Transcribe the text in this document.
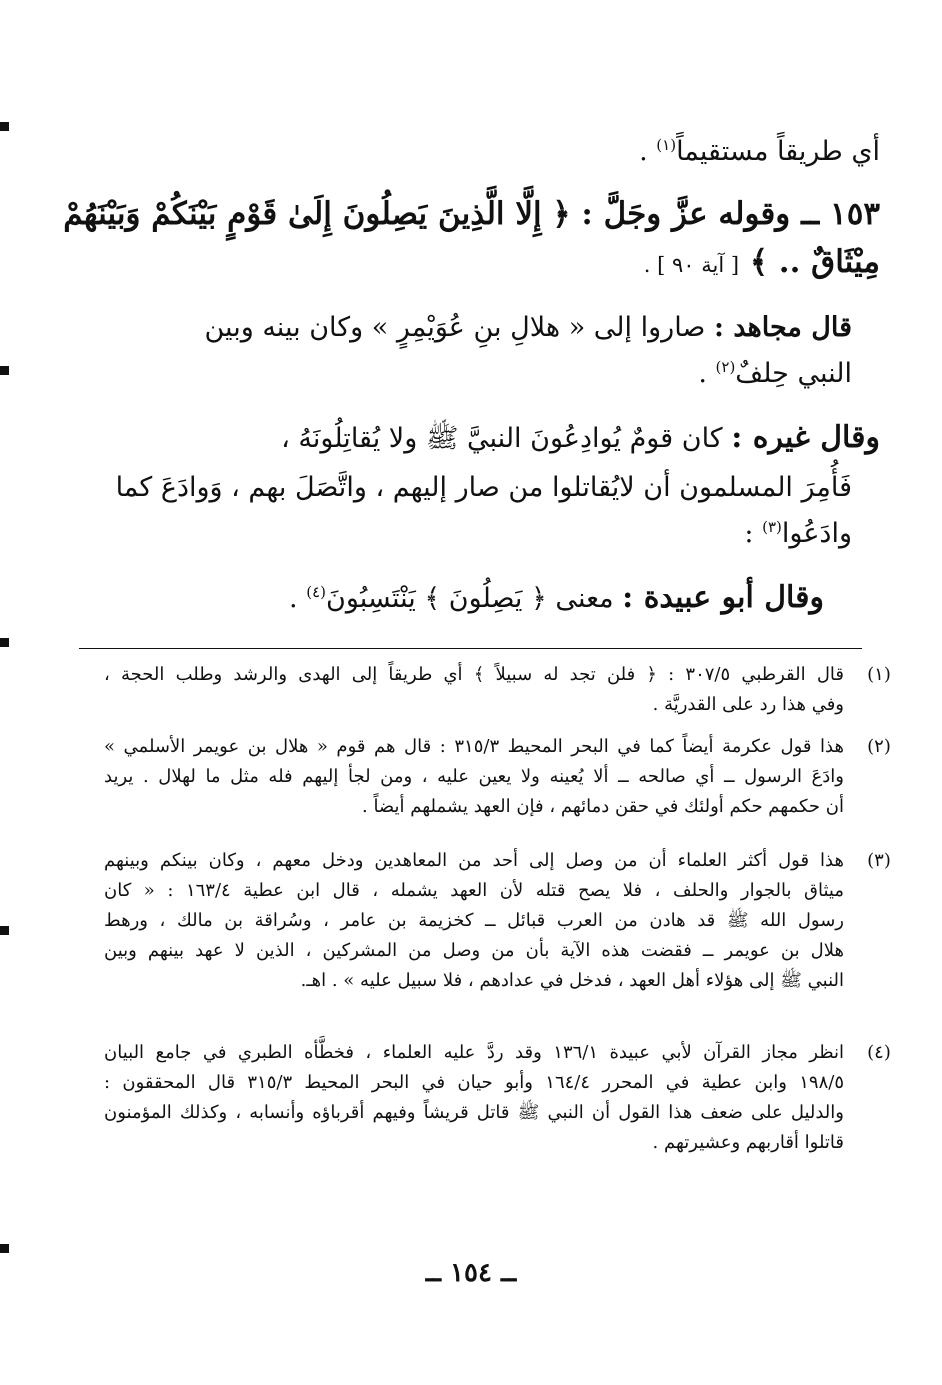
أي طريقاً مستقيماً$^{(١)}$ .
١٥٣ ــ وقوله عزَّ وجَلَّ : ﴿ إِلَّا الَّذِينَ يَصِلُونَ إِلَىٰ قَوْمٍ بَيْنَكُمْ وَبَيْنَهُمْ
مِيْثَاقٌ .. ﴾ [ آية ٩٠ ] .
قال مجاهد : صاروا إلى « هلالِ بنِ عُوَيْمِرٍ » وكان بينه وبين
النبي حِلفٌ$^{(٢)}$ .
وقال غيره : كان قومٌ يُوادِعُونَ النبيَّ ﷺ ولا يُقاتِلُونَهُ ،
فَأُمِرَ المسلمون أن لايُقاتلوا من صار إليهم ، واتَّصَلَ بهم ، وَوادَعَ كما
وادَعُوا$^{(٣)}$ :
وقال أبو عبيدة : معنى ﴿ يَصِلُونَ ﴾ يَنْتَسِبُونَ$^{(٤)}$ .
(١)
قال القرطبي ٣٠٧/٥ : ﴿ فلن تجد له سبيلاً ﴾ أي طريقاً إلى الهدى والرشد وطلب الحجة ،
وفي هذا رد على القدريَّة .
(٢)
هذا قول عكرمة أيضاً كما في البحر المحيط ٣١٥/٣ : قال هم قوم « هلال بن عويمر الأسلمي »
وادَعَ الرسول ــ أي صالحه ــ ألا يُعينه ولا يعين عليه ، ومن لجأ إليهم فله مثل ما لهلال . يريد
أن حكمهم حكم أولئك في حقن دمائهم ، فإن العهد يشملهم أيضاً .
(٣)
هذا قول أكثر العلماء أن من وصل إلى أحد من المعاهدين ودخل معهم ، وكان بينكم وبينهم
ميثاق بالجوار والحلف ، فلا يصح قتله لأن العهد يشمله ، قال ابن عطية ١٦٣/٤ : « كان
رسول الله ﷺ قد هادن من العرب قبائل ــ كخزيمة بن عامر ، وسُراقة بن مالك ، ورهط
هلال بن عويمر ــ فقضت هذه الآية بأن من وصل من المشركين ، الذين لا عهد بينهم وبين
النبي ﷺ إلى هؤلاء أهل العهد ، فدخل في عدادهم ، فلا سبيل عليه » . اهـ.
(٤)
انظر مجاز القرآن لأبي عبيدة ١٣٦/١ وقد ردَّ عليه العلماء ، فخطَّأه الطبري في جامع البيان
١٩٨/٥ وابن عطية في المحرر ١٦٤/٤ وأبو حيان في البحر المحيط ٣١٥/٣ قال المحققون :
والدليل على ضعف هذا القول أن النبي ﷺ قاتل قريشاً وفيهم أقرباؤه وأنسابه ، وكذلك المؤمنون
قاتلوا أقاربهم وعشيرتهم .
ــ ١٥٤ ــ
